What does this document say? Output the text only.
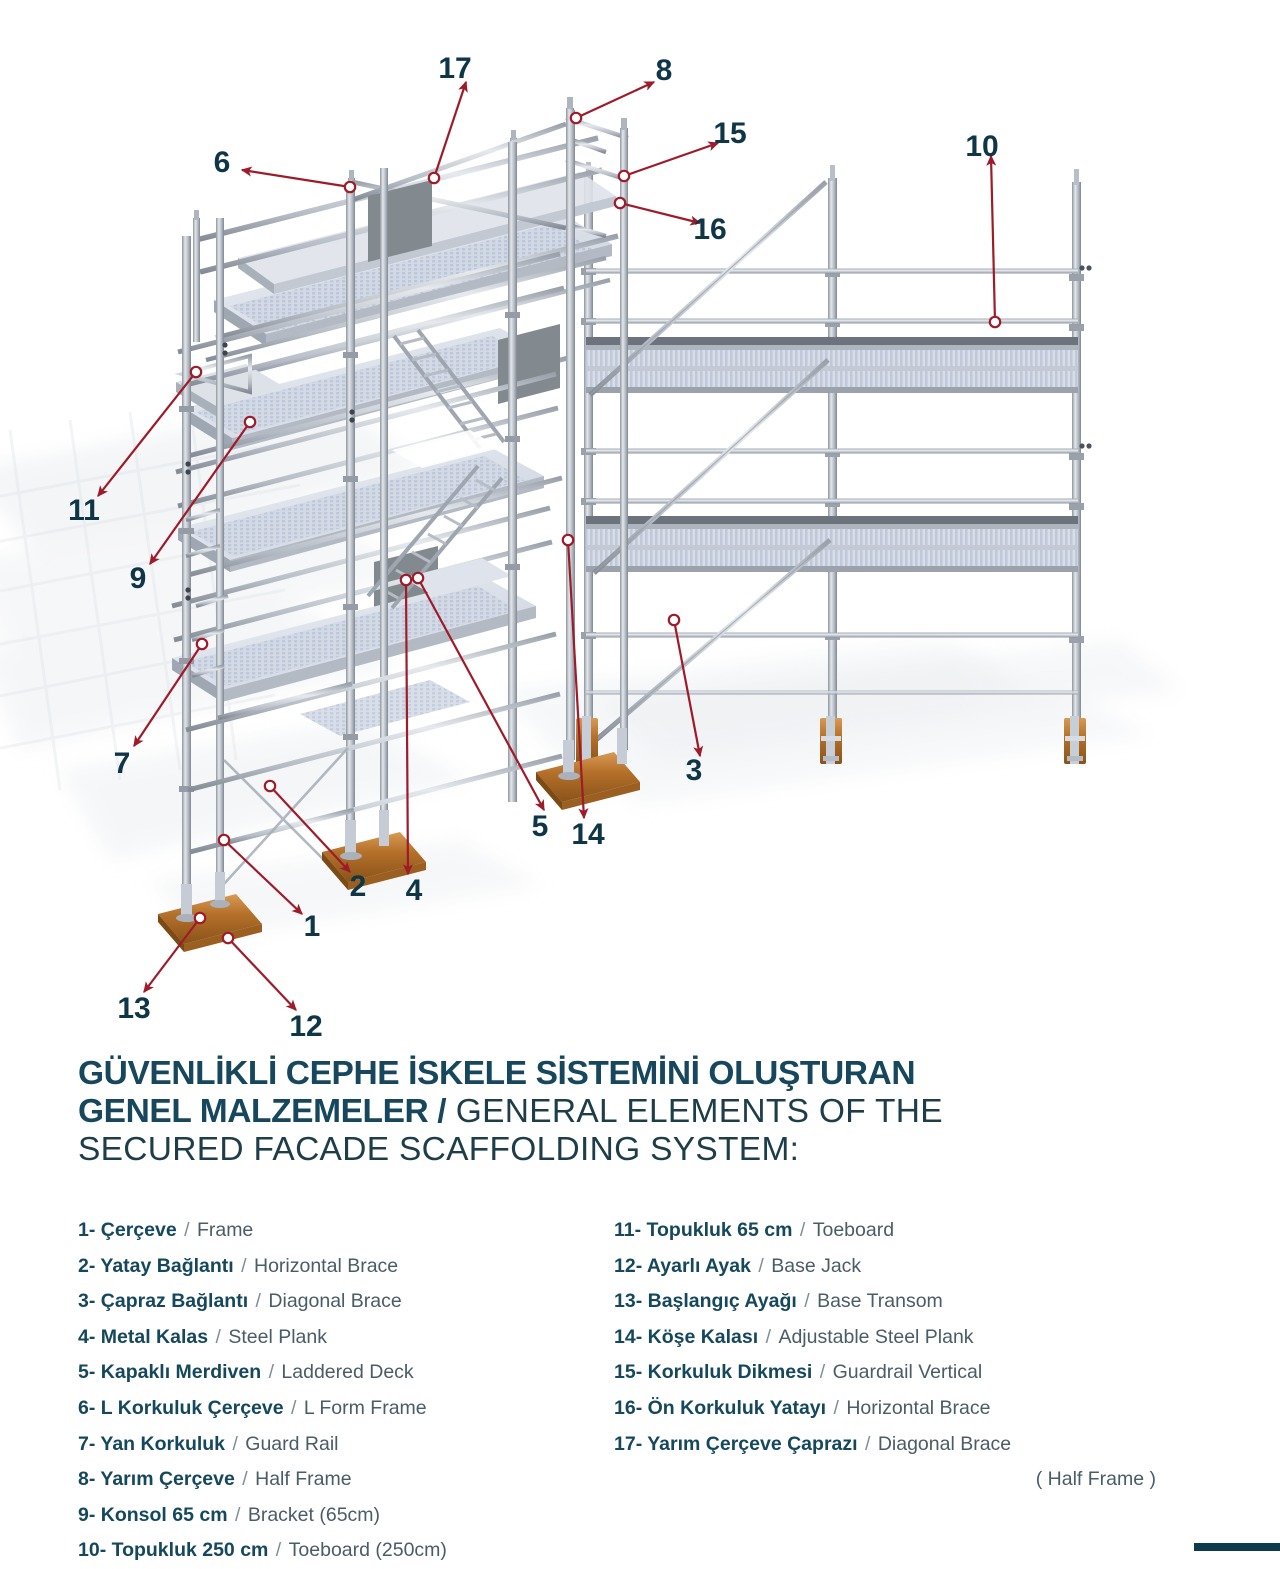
17	8
15	10
6
16
11
9
7	3
5 14
2 4
1
13
12
GÜVENLİKLİ CEPHE İSKELE SİSTEMİNİ OLUŞTURAN
GENEL MALZEMELER / GENERAL ELEMENTS OF THE
SECURED FACADE SCAFFOLDING SYSTEM:
1- Çerçeve / Frame
2- Yatay Bağlantı / Horizontal Brace
3- Çapraz Bağlantı / Diagonal Brace
4- Metal Kalas / Steel Plank
5- Kapaklı Merdiven / Laddered Deck
6- L Korkuluk Çerçeve / L Form Frame
7- Yan Korkuluk / Guard Rail
8- Yarım Çerçeve / Half Frame
9- Konsol 65 cm / Bracket (65cm)
10- Topukluk 250 cm / Toeboard (250cm)
11- Topukluk 65 cm / Toeboard
12- Ayarlı Ayak / Base Jack
13- Başlangıç Ayağı / Base Transom
14- Köşe Kalası / Adjustable Steel Plank
15- Korkuluk Dikmesi / Guardrail Vertical
16- Ön Korkuluk Yatayı / Horizontal Brace
17- Yarım Çerçeve Çaprazı / Diagonal Brace
( Half Frame )
